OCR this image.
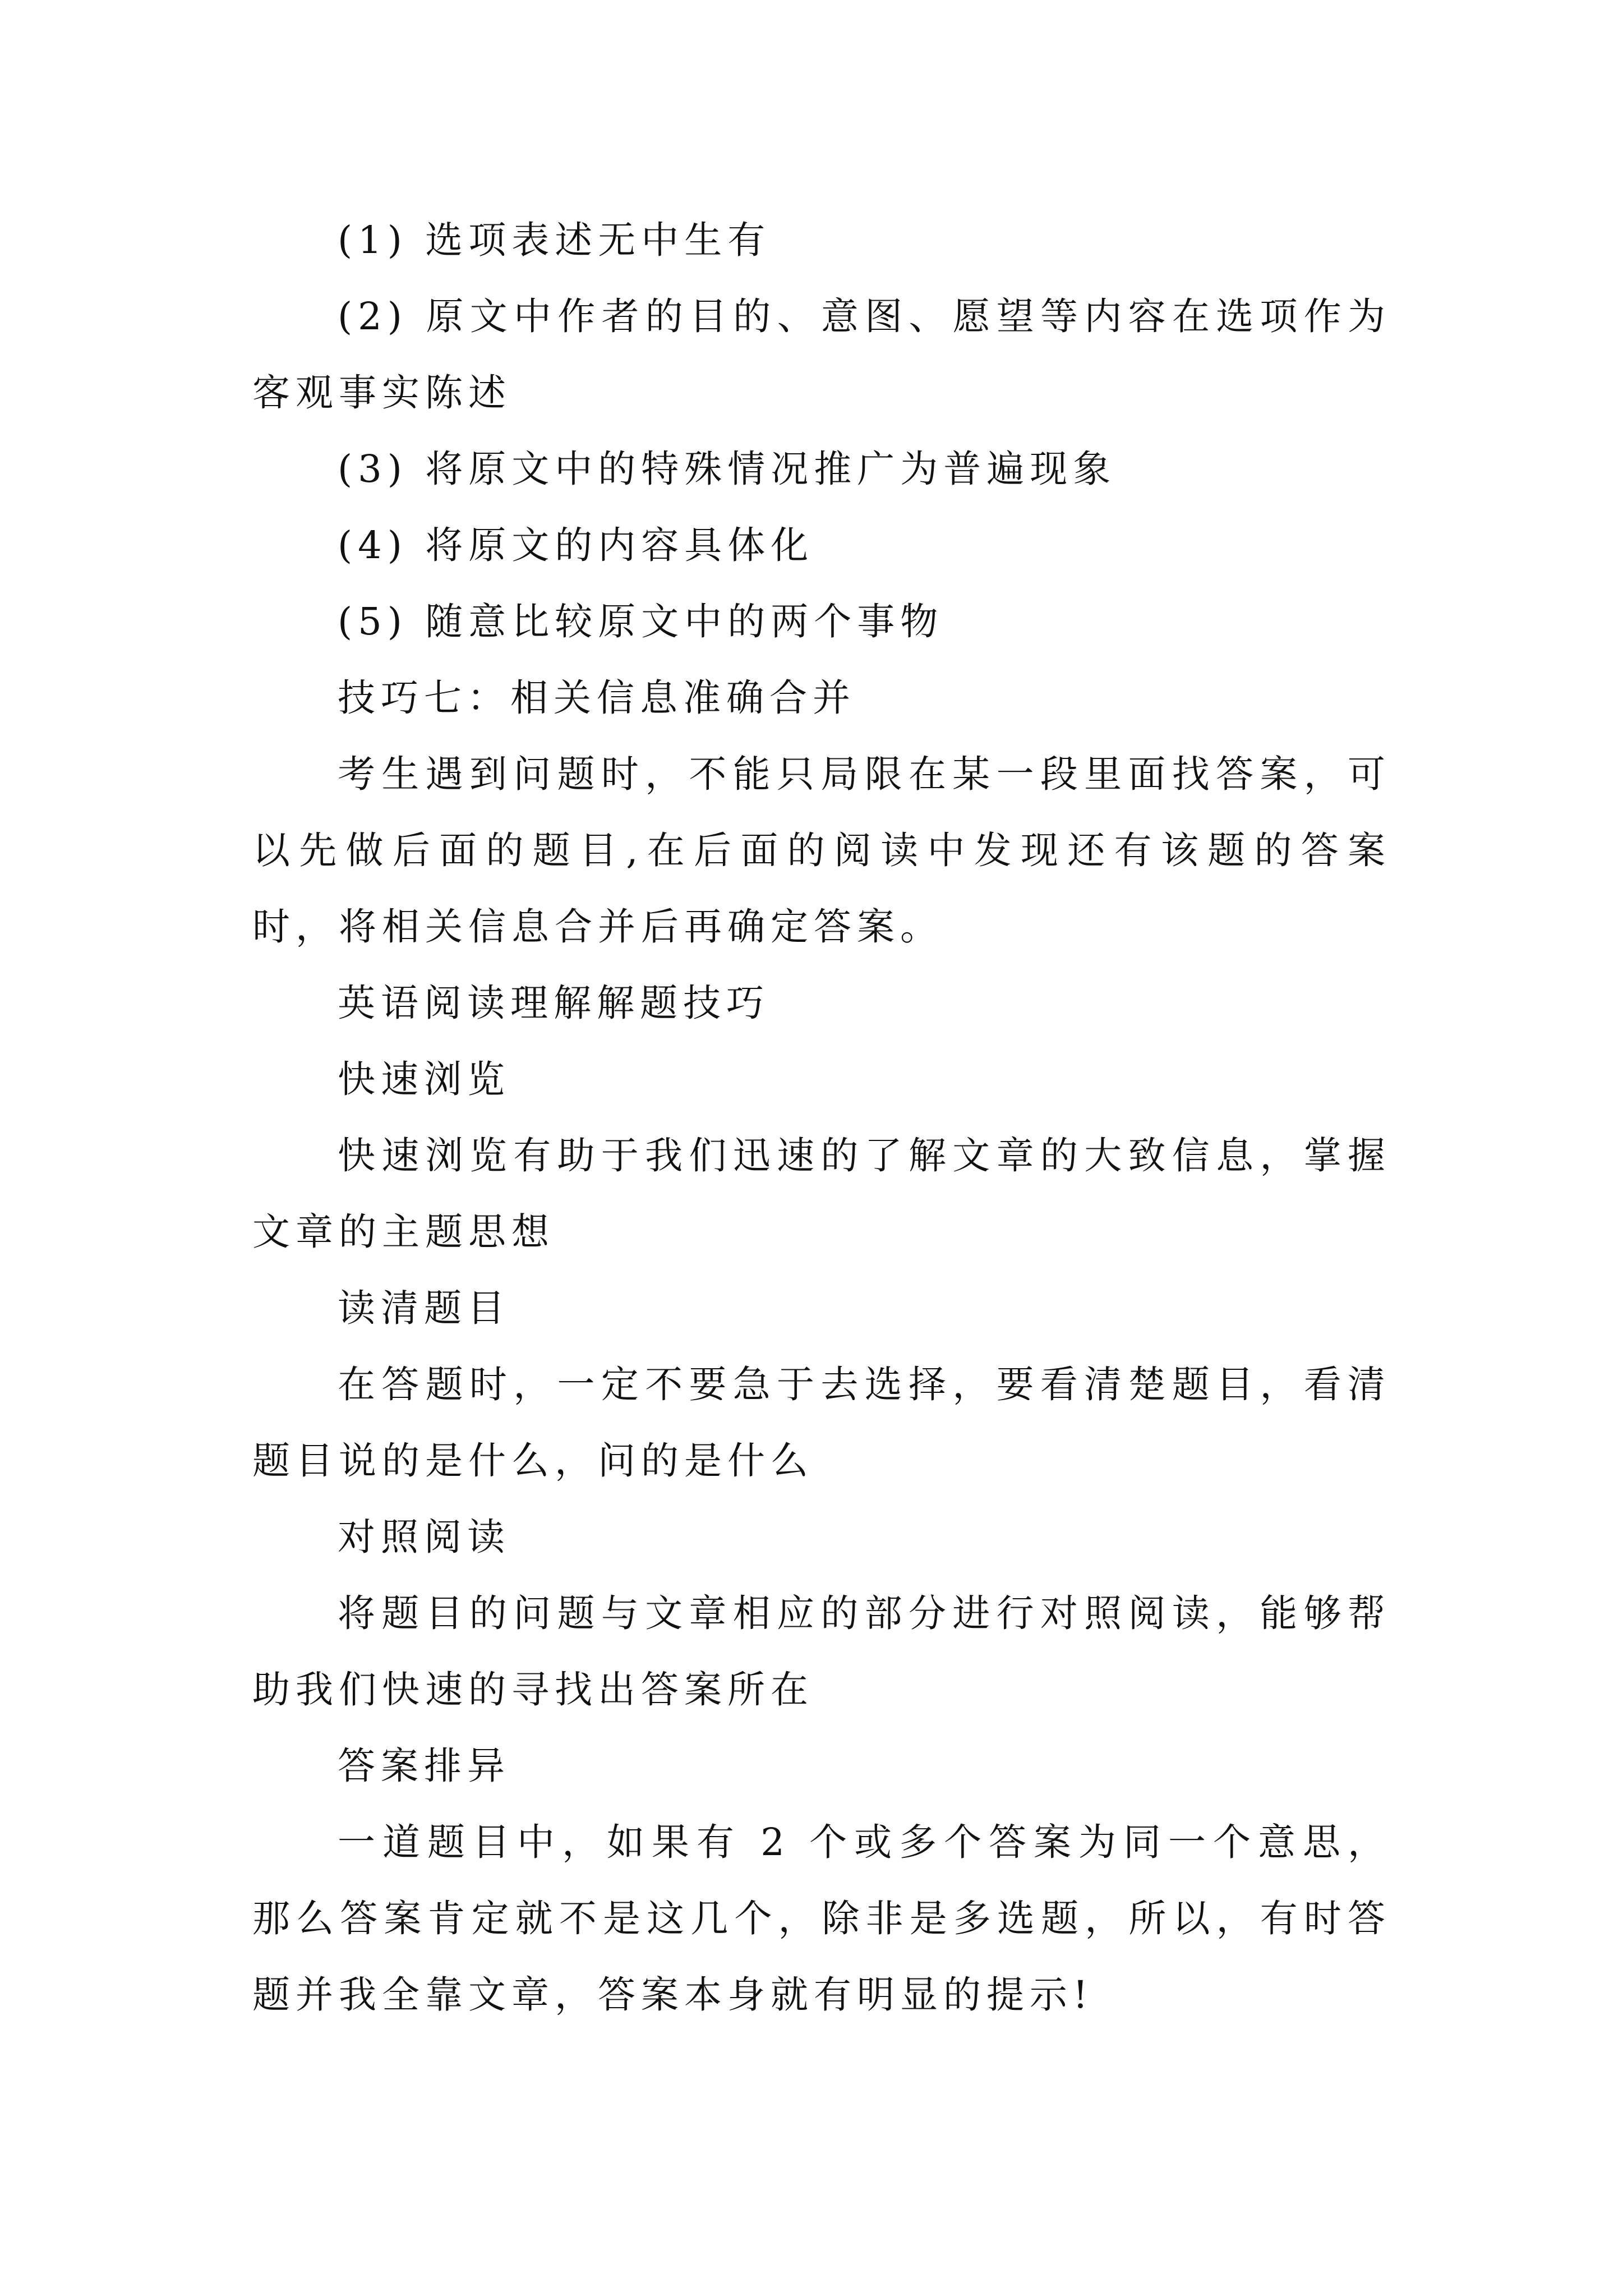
(1) 选项表述无中生有

(2) 原文中作者的目的、意图、愿望等内容在选项作为客观事实陈述

(3) 将原文中的特殊情况推广为普遍现象

(4) 将原文的内容具体化

(5) 随意比较原文中的两个事物

技巧七：相关信息准确合并

考生遇到问题时，不能只局限在某一段里面找答案，可以先做后面的题目,在后面的阅读中发现还有该题的答案时，将相关信息合并后再确定答案。

英语阅读理解解题技巧

快速浏览

快速浏览有助于我们迅速的了解文章的大致信息，掌握文章的主题思想

读清题目

在答题时，一定不要急于去选择，要看清楚题目，看清题目说的是什么，问的是什么

对照阅读

将题目的问题与文章相应的部分进行对照阅读，能够帮助我们快速的寻找出答案所在

答案排异

一道题目中，如果有 2 个或多个答案为同一个意思，那么答案肯定就不是这几个，除非是多选题，所以，有时答题并我全靠文章，答案本身就有明显的提示!
